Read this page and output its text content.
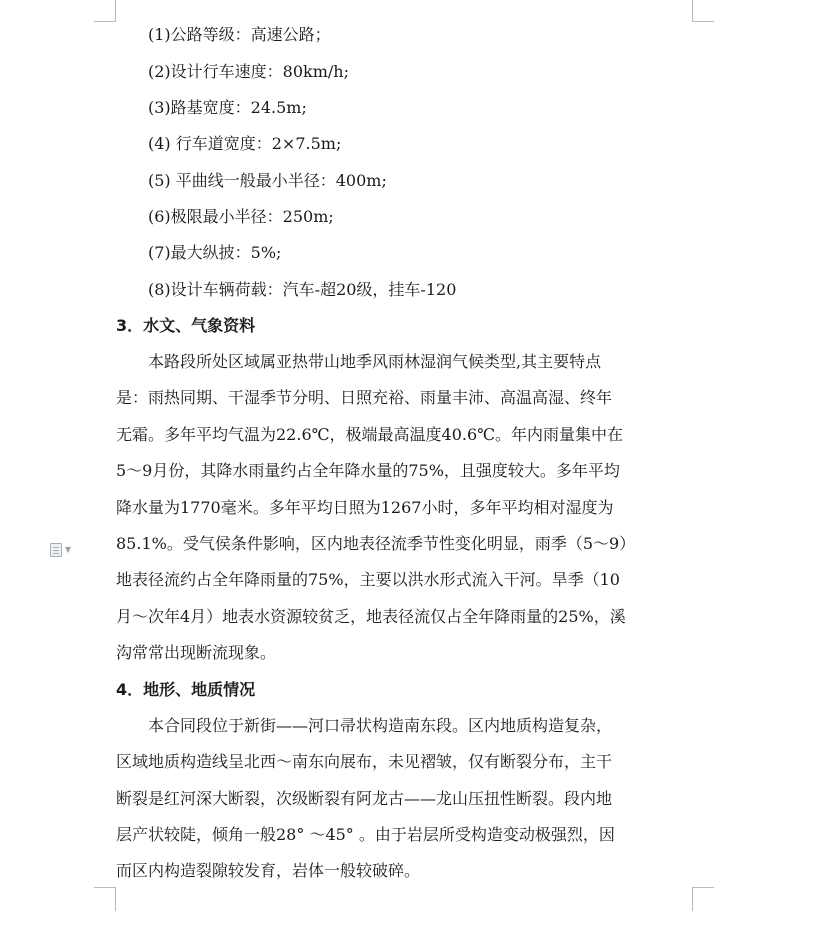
▼
(1)公路等级：高速公路；
(2)设计行车速度：80km/h;
(3)路基宽度：24.5m;
(4) 行车道宽度：2×7.5m;
(5) 平曲线一般最小半径：400m;
(6)极限最小半径：250m;
(7)最大纵披：5%;
(8)设计车辆荷载：汽车-超20级，挂车-120
3．水文、气象资料
本路段所处区域属亚热带山地季风雨林湿润气候类型,其主要特点
是：雨热同期、干湿季节分明、日照充裕、雨量丰沛、高温高湿、终年
无霜。多年平均气温为22.6℃，极端最高温度40.6℃。年内雨量集中在
5～9月份，其降水雨量约占全年降水量的75%，且强度较大。多年平均
降水量为1770毫米。多年平均日照为1267小时，多年平均相对湿度为
85.1%。受气侯条件影响，区内地表径流季节性变化明显，雨季（5～9）
地表径流约占全年降雨量的75%，主要以洪水形式流入干河。旱季（10
月～次年4月）地表水资源较贫乏，地表径流仅占全年降雨量的25%，溪
沟常常出现断流现象。
4．地形、地质情况
本合同段位于新街——河口帚状构造南东段。区内地质构造复杂，
区域地质构造线呈北西～南东向展布，未见褶皱，仅有断裂分布，主干
断裂是红河深大断裂，次级断裂有阿龙古——龙山压扭性断裂。段内地
层产状较陡，倾角一般28° ～45° 。由于岩层所受构造变动极强烈，因
而区内构造裂隙较发育，岩体一般较破碎。
